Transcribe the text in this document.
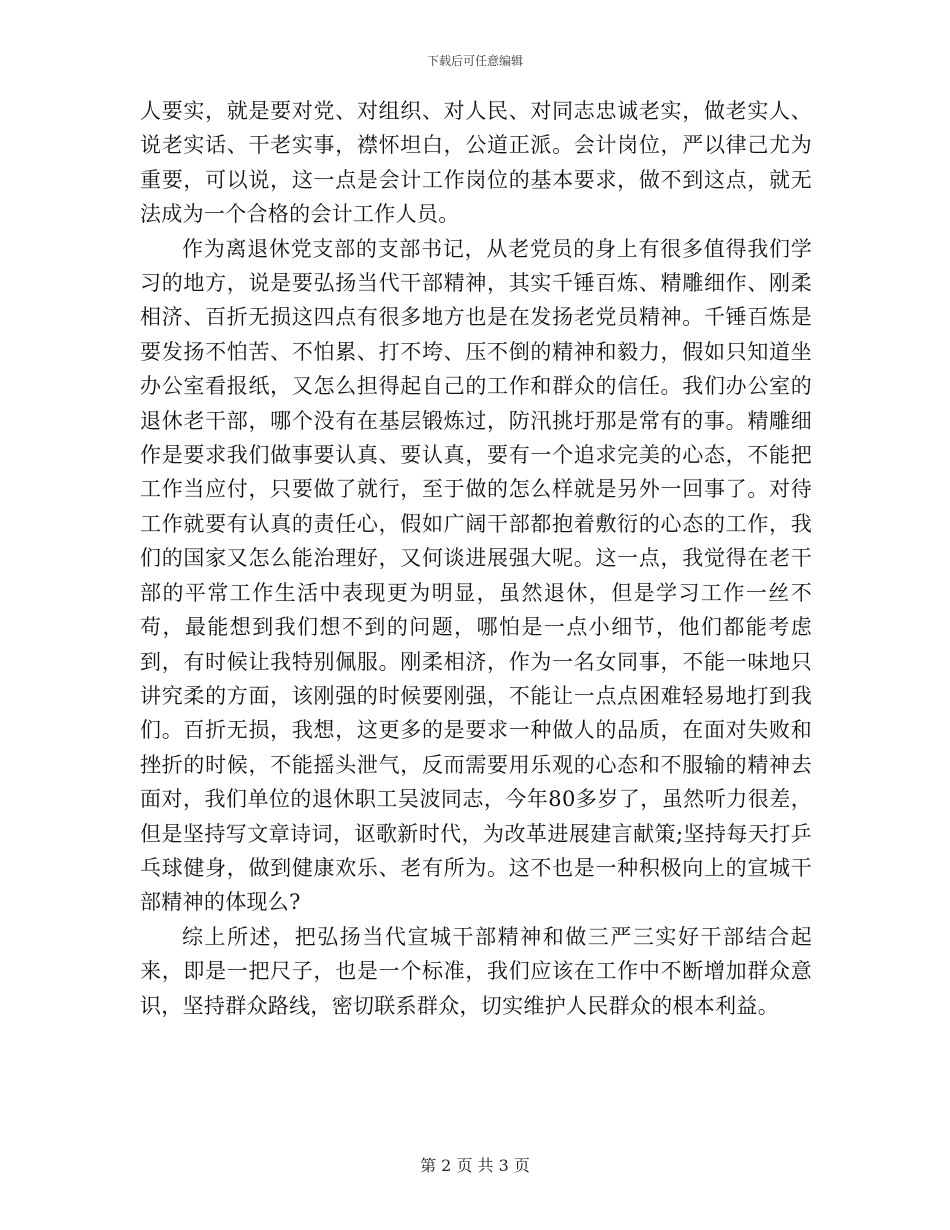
下载后可任意编辑

人要实，就是要对党、对组织、对人民、对同志忠诚老实，做老实人、说老实话、干老实事，襟怀坦白，公道正派。会计岗位，严以律己尤为重要，可以说，这一点是会计工作岗位的基本要求，做不到这点，就无法成为一个合格的会计工作人员。

作为离退休党支部的支部书记，从老党员的身上有很多值得我们学习的地方，说是要弘扬当代干部精神，其实千锤百炼、精雕细作、刚柔相济、百折无损这四点有很多地方也是在发扬老党员精神。千锤百炼是要发扬不怕苦、不怕累、打不垮、压不倒的精神和毅力，假如只知道坐办公室看报纸，又怎么担得起自己的工作和群众的信任。我们办公室的退休老干部，哪个没有在基层锻炼过，防汛挑圩那是常有的事。精雕细作是要求我们做事要认真、要认真，要有一个追求完美的心态，不能把工作当应付，只要做了就行，至于做的怎么样就是另外一回事了。对待工作就要有认真的责任心，假如广阔干部都抱着敷衍的心态的工作，我们的国家又怎么能治理好，又何谈进展强大呢。这一点，我觉得在老干部的平常工作生活中表现更为明显，虽然退休，但是学习工作一丝不苟，最能想到我们想不到的问题，哪怕是一点小细节，他们都能考虑到，有时候让我特别佩服。刚柔相济，作为一名女同事，不能一味地只讲究柔的方面，该刚强的时候要刚强，不能让一点点困难轻易地打到我们。百折无损，我想，这更多的是要求一种做人的品质，在面对失败和挫折的时候，不能摇头泄气，反而需要用乐观的心态和不服输的精神去面对，我们单位的退休职工吴波同志，今年80多岁了，虽然听力很差，但是坚持写文章诗词，讴歌新时代，为改革进展建言献策;坚持每天打乒乓球健身，做到健康欢乐、老有所为。这不也是一种积极向上的宣城干部精神的体现么?

综上所述，把弘扬当代宣城干部精神和做三严三实好干部结合起来，即是一把尺子，也是一个标准，我们应该在工作中不断增加群众意识，坚持群众路线，密切联系群众，切实维护人民群众的根本利益。

第 2 页 共 3 页
